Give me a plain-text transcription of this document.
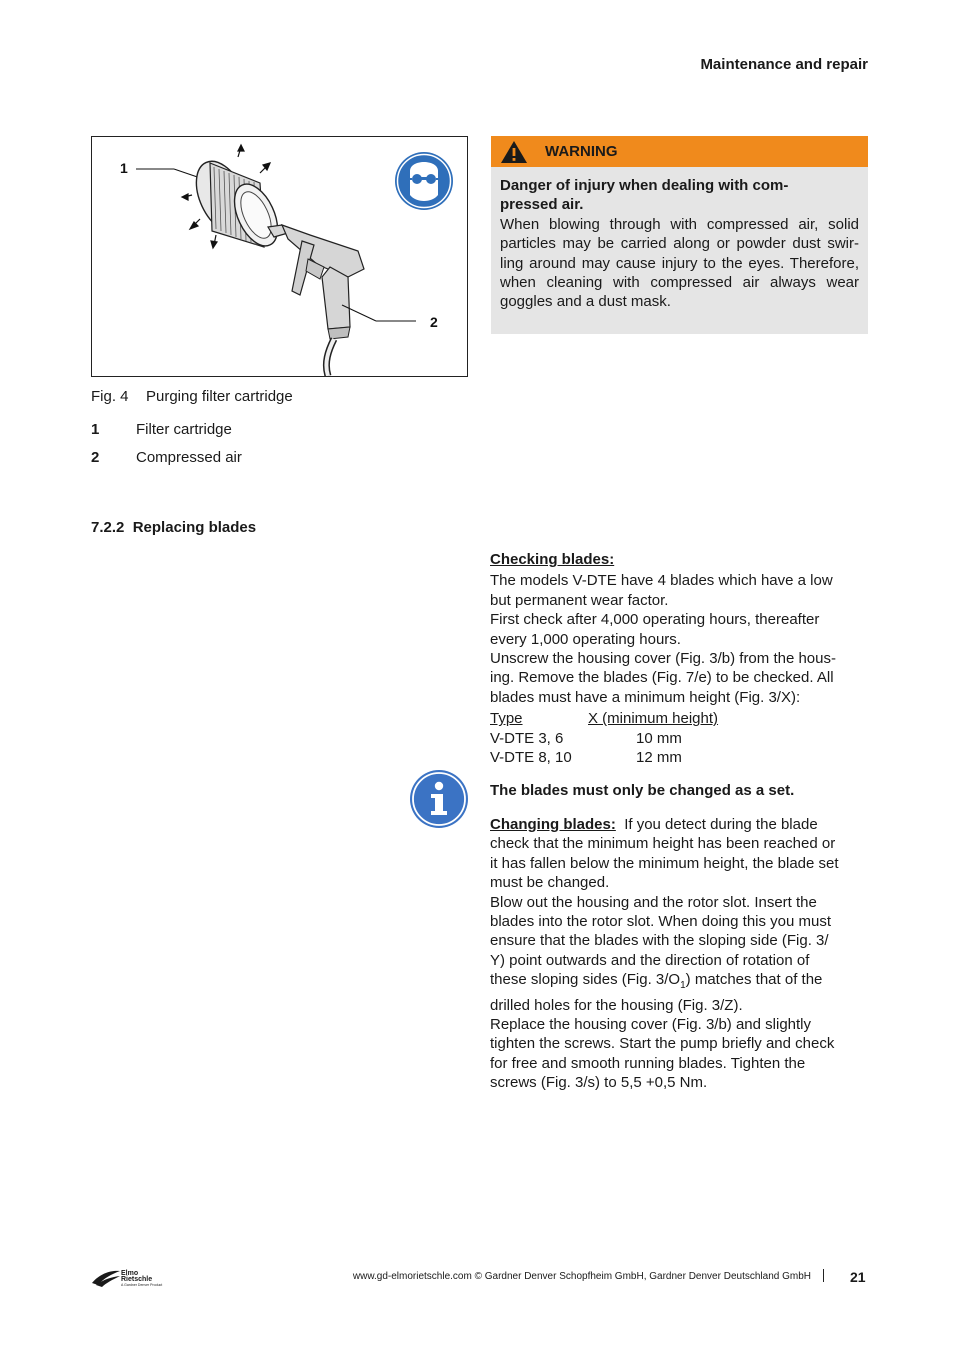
Maintenance and repair
1
2
Fig. 4 Purging filter cartridge
1 Filter cartridge
2 Compressed air
7.2.2 Replacing blades
WARNING
Danger of injury when dealing with com-
pressed air.
When blowing through with compressed air, solid particles may be carried along or powder dust swir- ling around may cause injury to the eyes. Therefore, when cleaning with compressed air always wear goggles and a dust mask.
Checking blades:
The models V-DTE have 4 blades which have a low
but permanent wear factor.
First check after 4,000 operating hours, thereafter
every 1,000 operating hours.
Unscrew the housing cover (Fig. 3/b) from the hous-
ing. Remove the blades (Fig. 7/e) to be checked. All
blades must have a minimum height (Fig. 3/X):
Type	X (minimum height)
V-DTE 3, 6	10 mm
V-DTE 8, 10	12 mm
The blades must only be changed as a set.
Changing blades: If you detect during the blade
check that the minimum height has been reached or
it has fallen below the minimum height, the blade set
must be changed.
Blow out the housing and the rotor slot. Insert the
blades into the rotor slot. When doing this you must
ensure that the blades with the sloping side (Fig. 3/
Y) point outwards and the direction of rotation of
these sloping sides (Fig. $3/O_1$) matches that of the
drilled holes for the housing (Fig. 3/Z).
Replace the housing cover (Fig. 3/b) and slightly
tighten the screws. Start the pump briefly and check
for free and smooth running blades. Tighten the
screws (Fig. 3/s) to 5,5 +0,5 Nm.
Elmo
Rietschle
A Gardner Denver Product
www.gd-elmorietschle.com © Gardner Denver Schopfheim GmbH, Gardner Denver Deutschland GmbH	21
